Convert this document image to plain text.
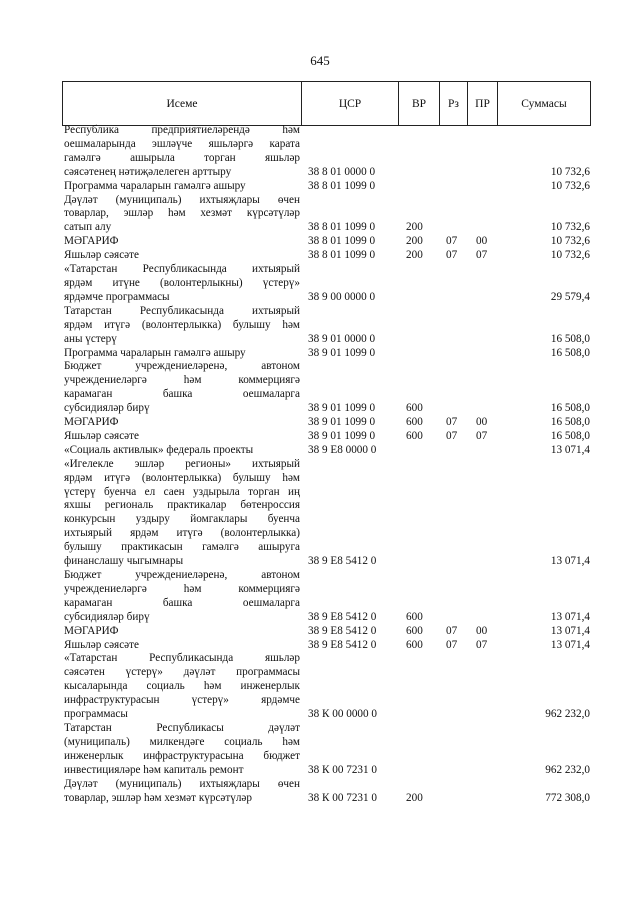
645
Исеме	ЦСР	ВР	Рз	ПР	Суммасы
Республика предприятиеләрендә һәм
оешмаларында эшләүче яшьләргә карата
гамәлгә ашырыла торган яшьләр
сәясәтенең нәтиҗәлелеген арттыру	38 8 01 0000 0	10 732,6
Программа чараларын гамәлгә ашыру	38 8 01 1099 0	10 732,6
Дәүләт (муниципаль) ихтыяҗлары өчен
товарлар, эшләр һәм хезмәт күрсәтүләр
сатып алу	38 8 01 1099 0	200	10 732,6
МӘГАРИФ	38 8 01 1099 0	200	07	00	10 732,6
Яшьләр сәясәте	38 8 01 1099 0	200	07	07	10 732,6
«Татарстан Республикасында ихтыярый
ярдәм итүне (волонтерлыкны) үстерү»
ярдәмче программасы	38 9 00 0000 0	29 579,4
Татарстан Республикасында ихтыярый
ярдәм итүгә (волонтерлыкка) булышу һәм
аны үстерү	38 9 01 0000 0	16 508,0
Программа чараларын гамәлгә ашыру	38 9 01 1099 0	16 508,0
Бюджет учреждениеләренә, автоном
учреждениеләргә һәм коммерциягә
карамаган башка оешмаларга
субсидияләр бирү	38 9 01 1099 0	600	16 508,0
МӘГАРИФ	38 9 01 1099 0	600	07	00	16 508,0
Яшьләр сәясәте	38 9 01 1099 0	600	07	07	16 508,0
«Социаль активлык» федераль проекты	38 9 Е8 0000 0	13 071,4
«Игелекле эшләр регионы» ихтыярый
ярдәм итүгә (волонтерлыкка) булышу һәм
үстерү буенча ел саен уздырыла торган иң
яхшы региональ практикалар бөтенроссия
конкурсын уздыру йомгаклары буенча
ихтыярый ярдәм итүгә (волонтерлыкка)
булышу практикасын гамәлгә ашыруга
финанслашу чыгымнары	38 9 Е8 5412 0	13 071,4
Бюджет учреждениеләренә, автоном
учреждениеләргә һәм коммерциягә
карамаган башка оешмаларга
субсидияләр бирү	38 9 Е8 5412 0	600	13 071,4
МӘГАРИФ	38 9 Е8 5412 0	600	07	00	13 071,4
Яшьләр сәясәте	38 9 Е8 5412 0	600	07	07	13 071,4
«Татарстан Республикасында яшьләр
сәясәтен үстерү» дәүләт программасы
кысаларында социаль һәм инженерлык
инфраструктурасын үстерү» ярдәмче
программасы	38 К 00 0000 0	962 232,0
Татарстан Республикасы дәүләт
(муниципаль) милкендәге социаль һәм
инженерлык инфраструктурасына бюджет
инвестицияләре һәм капиталь ремонт	38 К 00 7231 0	962 232,0
Дәүләт (муниципаль) ихтыяҗлары өчен
товарлар, эшләр һәм хезмәт күрсәтүләр	38 К 00 7231 0	200	772 308,0
